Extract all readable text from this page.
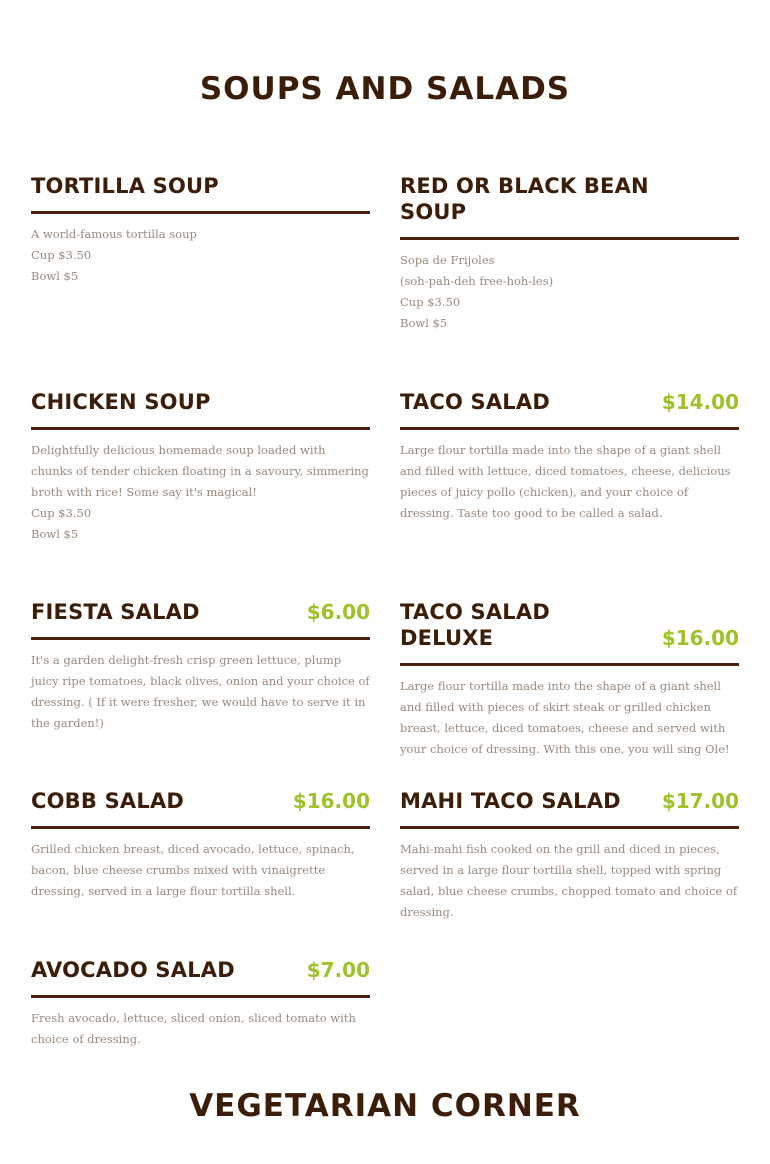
SOUPS AND SALADS
TORTILLA SOUP

A world-famous tortilla soup

Cup $3.50

Bowl $5

RED OR BLACK BEAN SOUP

Sopa de Frijoles

(soh-pah-deh free-hoh-les)

Cup $3.50

Bowl $5

CHICKEN SOUP

Delightfully delicious homemade soup loaded with chunks of tender chicken floating in a savoury, simmering broth with rice! Some say it's magical!

Cup $3.50

Bowl $5

TACO SALAD	$14.00

Large flour tortilla made into the shape of a giant shell and filled with lettuce, diced tomatoes, cheese, delicious pieces of juicy pollo (chicken), and your choice of dressing. Taste too good to be called a salad.

FIESTA SALAD	$6.00

It's a garden delight-fresh crisp green lettuce, plump juicy ripe tomatoes, black olives, onion and your choice of dressing. ( If it were fresher, we would have to serve it in the garden!)

TACO SALAD DELUXE	$16.00

Large flour tortilla made into the shape of a giant shell and filled with pieces of skirt steak or grilled chicken breast, lettuce, diced tomatoes, cheese and served with your choice of dressing. With this one, you will sing Ole!

COBB SALAD	$16.00

Grilled chicken breast, diced avocado, lettuce, spinach, bacon, blue cheese crumbs mixed with vinaigrette dressing, served in a large flour tortilla shell.

MAHI TACO SALAD $17.00

Mahi-mahi fish cooked on the grill and diced in pieces, served in a large flour tortilla shell, topped with spring salad, blue cheese crumbs, chopped tomato and choice of dressing.

AVOCADO SALAD	$7.00

Fresh avocado, lettuce, sliced onion, sliced tomato with choice of dressing.

VEGETARIAN CORNER
